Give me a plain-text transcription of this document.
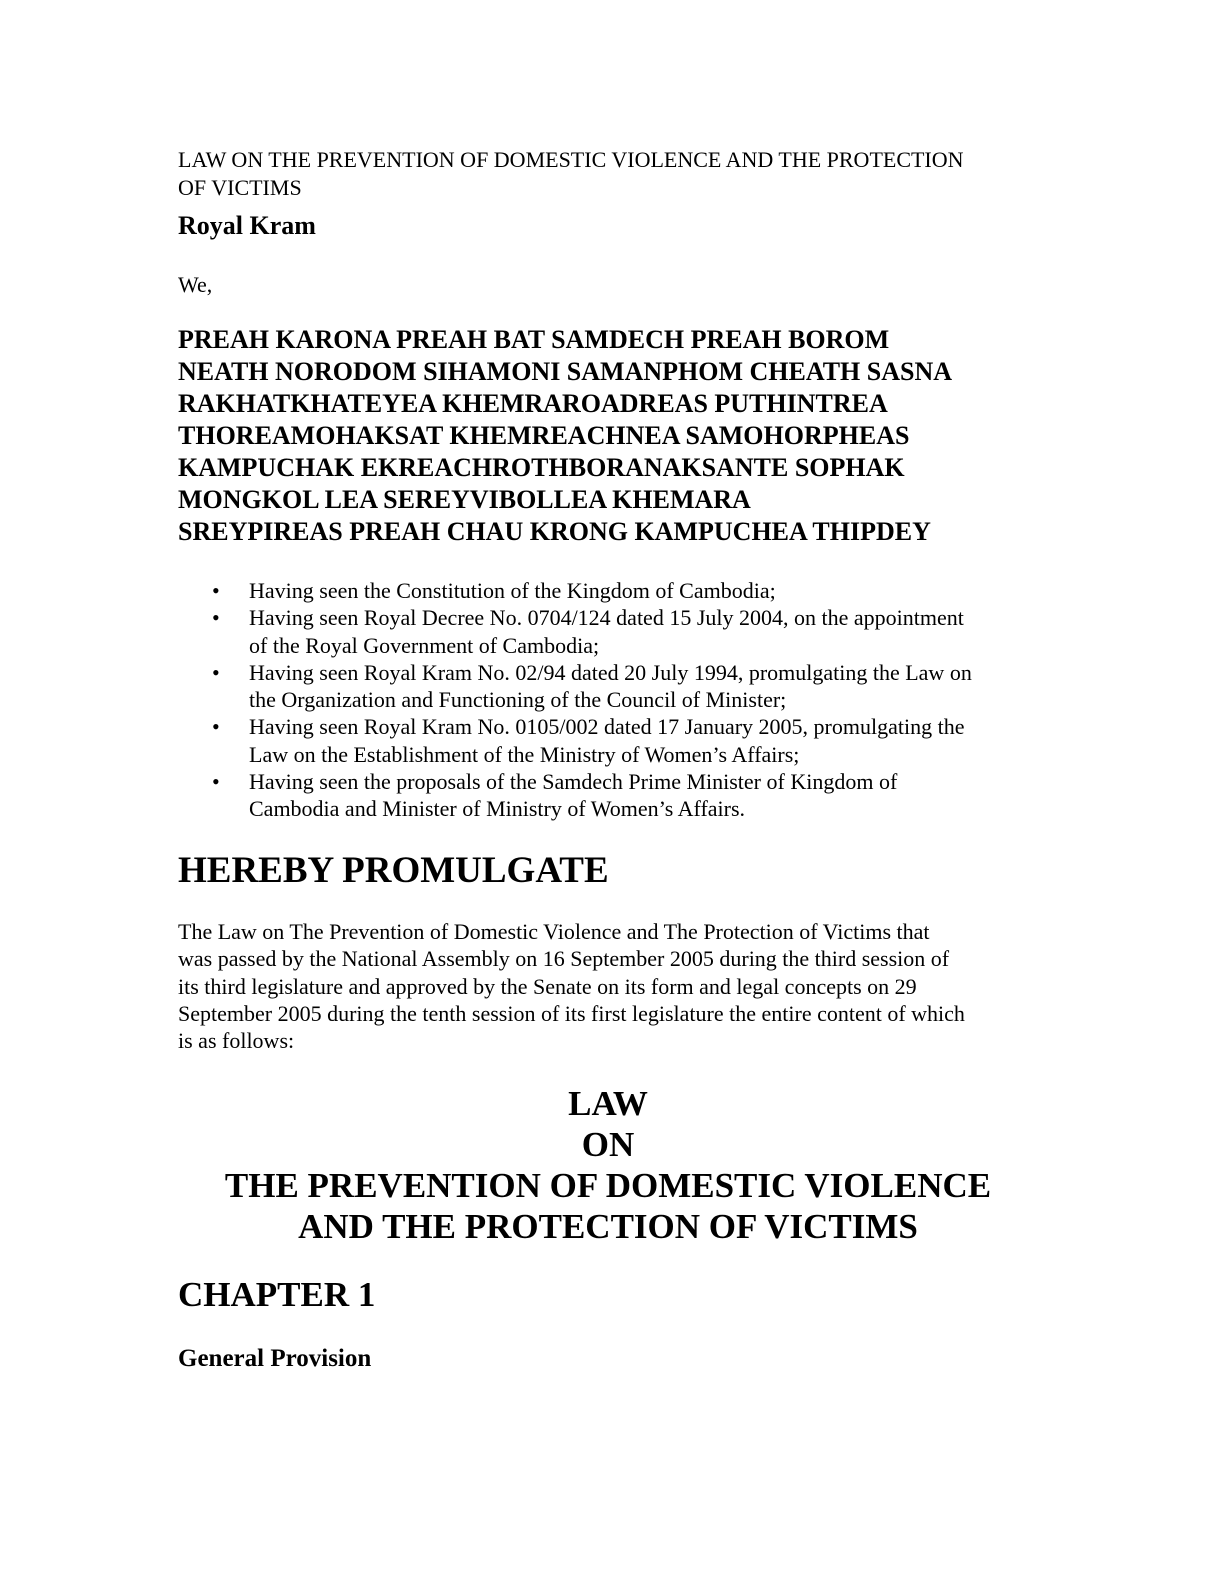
LAW ON THE PREVENTION OF DOMESTIC VIOLENCE AND THE PROTECTION
OF VICTIMS

Royal Kram

We,

PREAH KARONA PREAH BAT SAMDECH PREAH BOROM
NEATH NORODOM SIHAMONI SAMANPHOM CHEATH SASNA
RAKHATKHATEYEA KHEMRAROADREAS PUTHINTREA
THOREAMOHAKSAT KHEMREACHNEA SAMOHORPHEAS
KAMPUCHAK EKREACHROTHBORANAKSANTE SOPHAK
MONGKOL LEA SEREYVIBOLLEA KHEMARA
SREYPIREAS PREAH CHAU KRONG KAMPUCHEA THIPDEY

• Having seen the Constitution of the Kingdom of Cambodia;
• Having seen Royal Decree No. 0704/124 dated 15 July 2004, on the appointment
of the Royal Government of Cambodia;
• Having seen Royal Kram No. 02/94 dated 20 July 1994, promulgating the Law on
the Organization and Functioning of the Council of Minister;
• Having seen Royal Kram No. 0105/002 dated 17 January 2005, promulgating the
Law on the Establishment of the Ministry of Women’s Affairs;
• Having seen the proposals of the Samdech Prime Minister of Kingdom of
Cambodia and Minister of Ministry of Women’s Affairs.
HEREBY PROMULGATE

The Law on The Prevention of Domestic Violence and The Protection of Victims that
was passed by the National Assembly on 16 September 2005 during the third session of
its third legislature and approved by the Senate on its form and legal concepts on 29
September 2005 during the tenth session of its first legislature the entire content of which
is as follows:

LAW
ON
THE PREVENTION OF DOMESTIC VIOLENCE
AND THE PROTECTION OF VICTIMS
CHAPTER 1
General Provision
